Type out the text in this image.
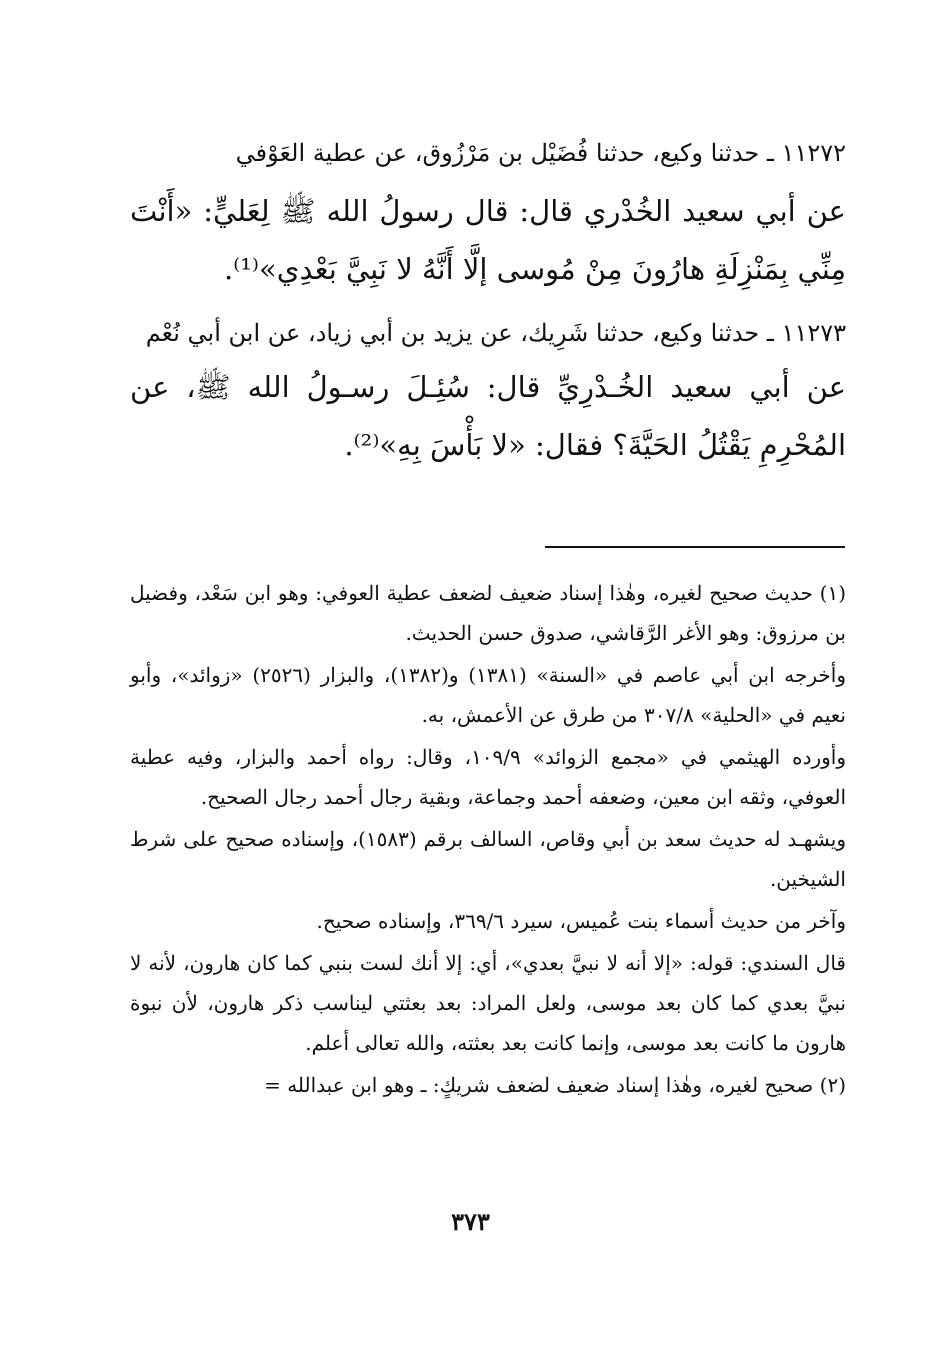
١١٢٧٢ ـ حدثنا وكيع، حدثنا فُضَيْل بن مَرْزُوق، عن عطية العَوْفي

عن أبي سعيد الخُدْري قال: قال رسولُ الله ﷺ لِعَليٍّ: «أَنْتَ مِنِّي بِمَنْزِلَةِ هارُونَ مِنْ مُوسى إلَّا أَنَّهُ لا نَبِيَّ بَعْدِي»⁽¹⁾.

١١٢٧٣ ـ حدثنا وكيع، حدثنا شَرِيك، عن يزيد بن أبي زياد، عن ابن أبي نُعْم

عن أبي سعيد الخُـدْرِيِّ قال: سُئِـلَ رسـولُ الله ﷺ، عن المُحْرِمِ يَقْتُلُ الحَيَّةَ؟ فقال: «لا بَأْسَ بِهِ»⁽²⁾.

(١) حديث صحيح لغيره، وهٰذا إسناد ضعيف لضعف عطية العوفي: وهو ابن سَعْد، وفضيل بن مرزوق: وهو الأغر الرَّقاشي، صدوق حسن الحديث.

وأخرجه ابن أبي عاصم في «السنة» (١٣٨١) و(١٣٨٢)، والبزار (٢٥٢٦) «زوائد»، وأبو نعيم في «الحلية» ٣٠٧/٨ من طرق عن الأعمش، به.

وأورده الهيثمي في «مجمع الزوائد» ١٠٩/٩، وقال: رواه أحمد والبزار، وفيه عطية العوفي، وثقه ابن معين، وضعفه أحمد وجماعة، وبقية رجال أحمد رجال الصحيح.

ويشهـد له حديث سعد بن أبي وقاص، السالف برقم (١٥٨٣)، وإسناده صحيح على شرط الشيخين.

وآخر من حديث أسماء بنت عُميس، سيرد ٣٦٩/٦، وإسناده صحيح.

قال السندي: قوله: «إلا أنه لا نبيَّ بعدي»، أي: إلا أنك لست بنبي كما كان هارون، لأنه لا نبيَّ بعدي كما كان بعد موسى، ولعل المراد: بعد بعثتي ليناسب ذكر هارون، لأن نبوة هارون ما كانت بعد موسى، وإنما كانت بعد بعثته، والله تعالى أعلم.

(٢) صحيح لغيره، وهٰذا إسناد ضعيف لضعف شريكٍ: ـ وهو ابن عبدالله =

٣٧٣
